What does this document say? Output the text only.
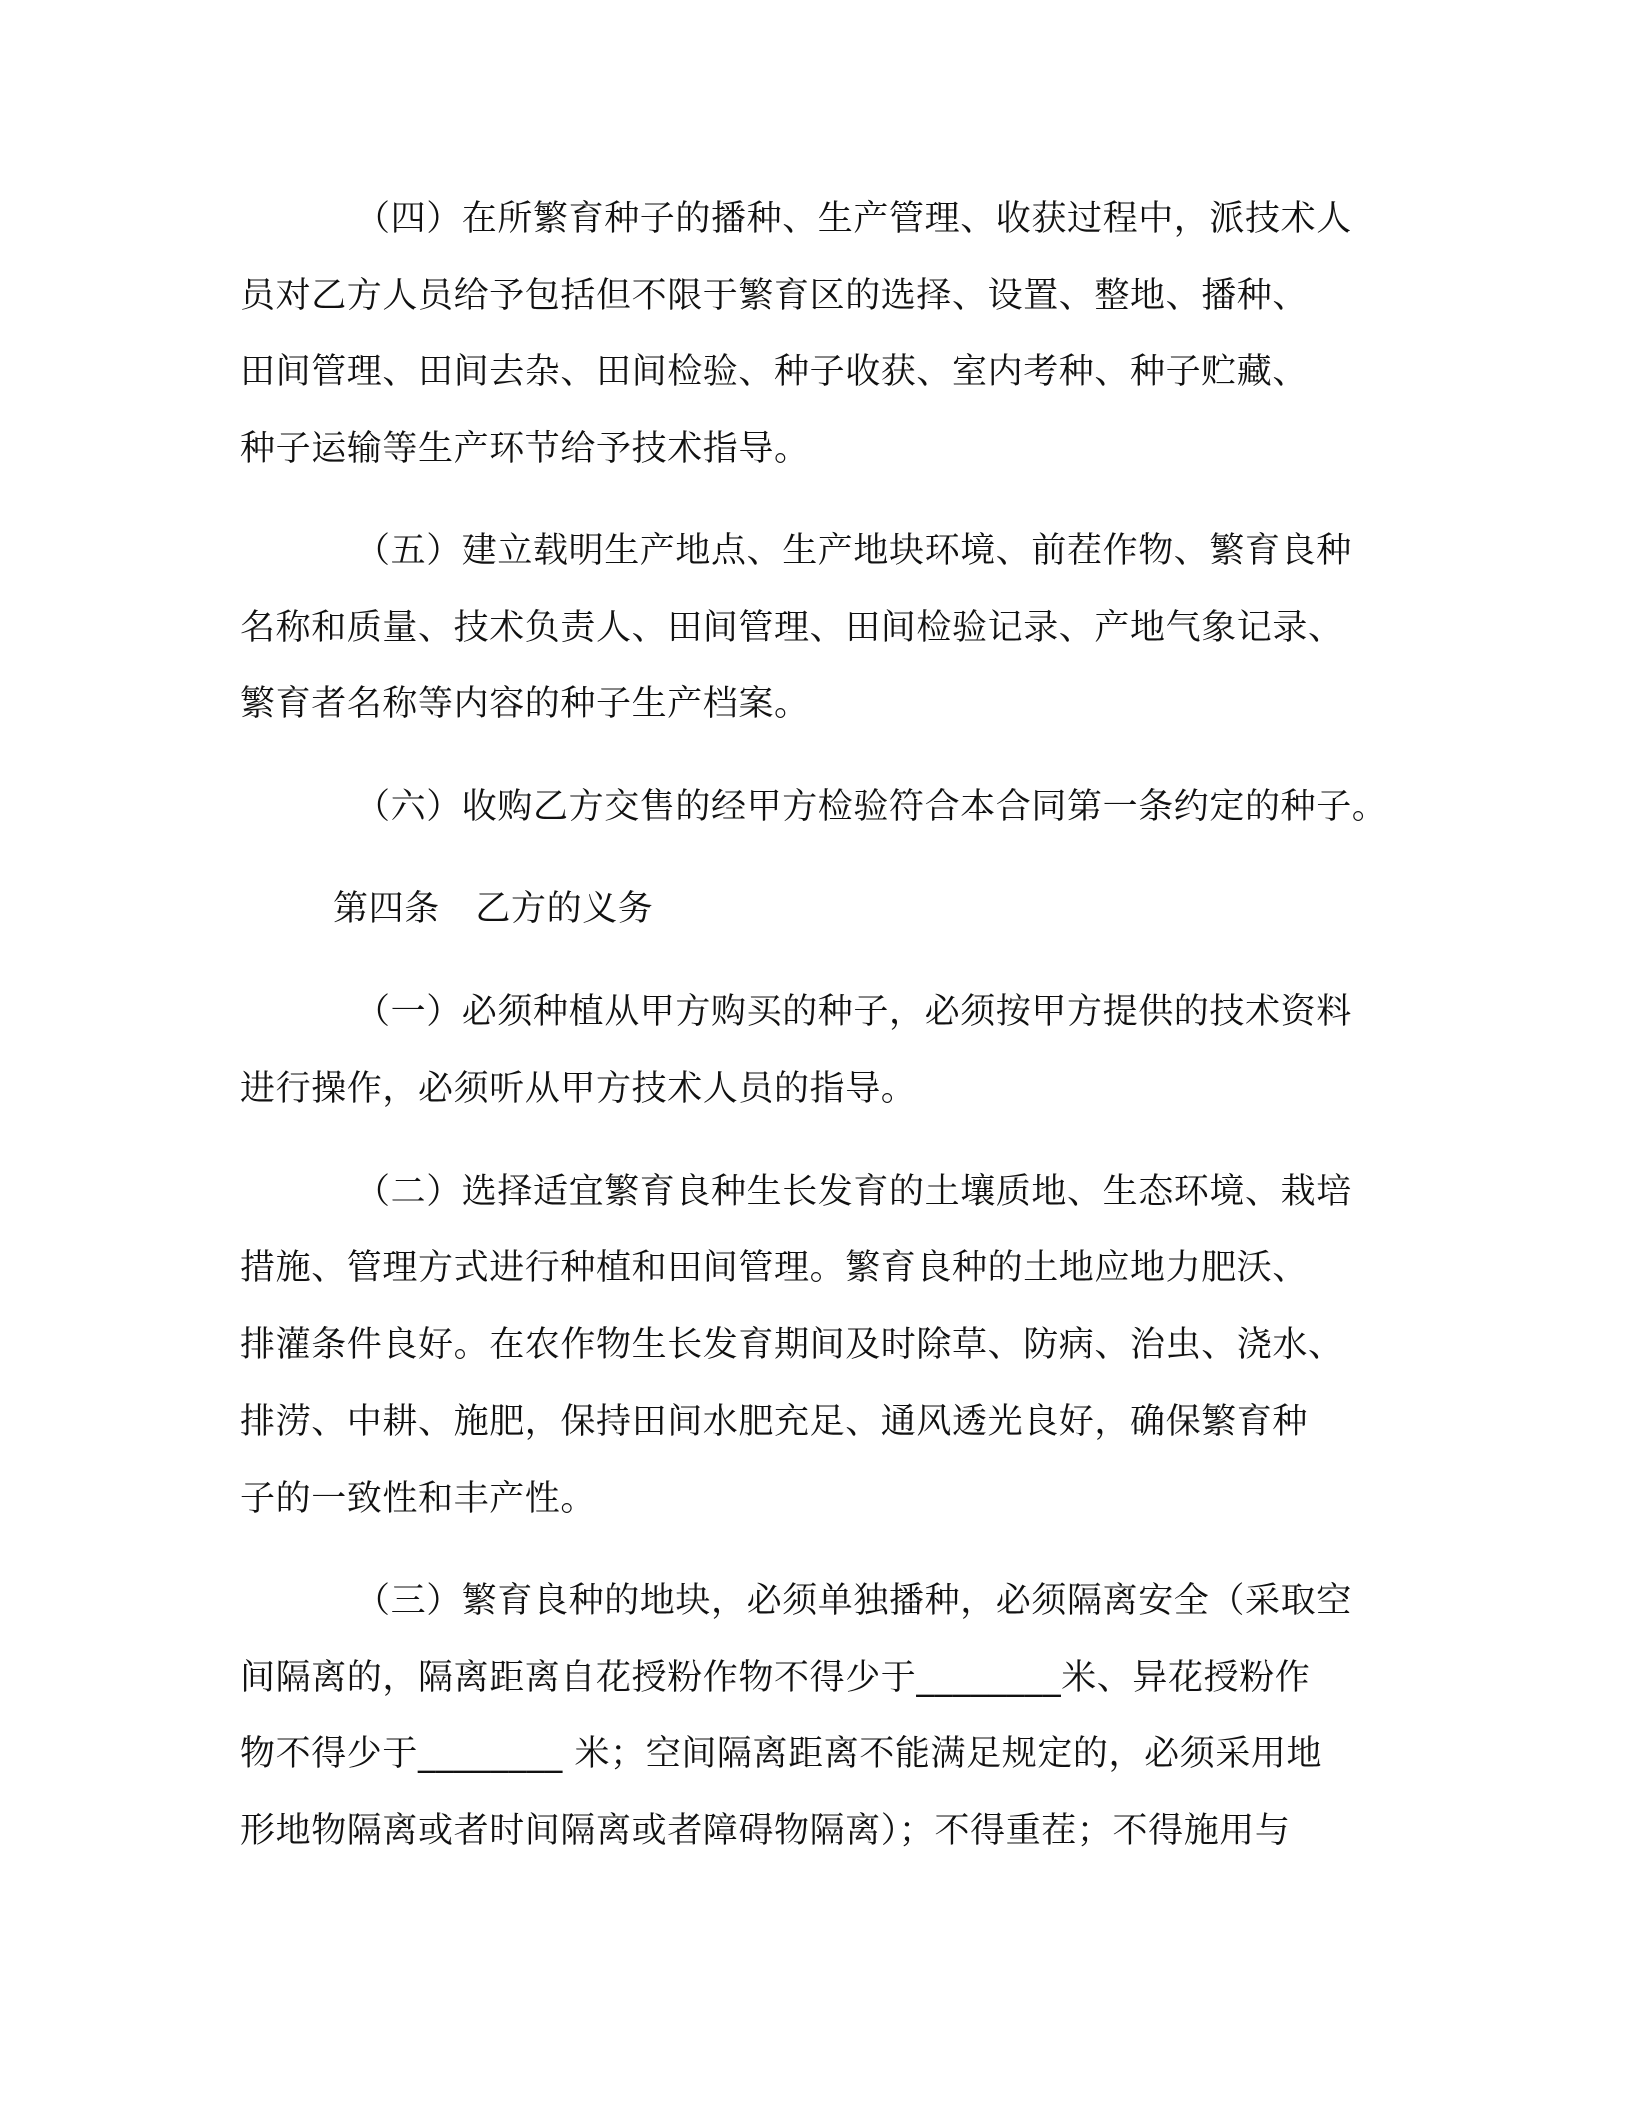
（四）在所繁育种子的播种、生产管理、收获过程中，派技术人
员对乙方人员给予包括但不限于繁育区的选择、设置、整地、播种、
田间管理、田间去杂、田间检验、种子收获、室内考种、种子贮藏、
种子运输等生产环节给予技术指导。
（五）建立载明生产地点、生产地块环境、前茬作物、繁育良种
名称和质量、技术负责人、田间管理、田间检验记录、产地气象记录、
繁育者名称等内容的种子生产档案。
（六）收购乙方交售的经甲方检验符合本合同第一条约定的种子。
第四条　乙方的义务
（一）必须种植从甲方购买的种子，必须按甲方提供的技术资料
进行操作，必须听从甲方技术人员的指导。
（二）选择适宜繁育良种生长发育的土壤质地、生态环境、栽培
措施、管理方式进行种植和田间管理。繁育良种的土地应地力肥沃、
排灌条件良好。在农作物生长发育期间及时除草、防病、治虫、浇水、
排涝、中耕、施肥，保持田间水肥充足、通风透光良好，确保繁育种
子的一致性和丰产性。
（三）繁育良种的地块，必须单独播种，必须隔离安全（采取空
间隔离的，隔离距离自花授粉作物不得少于________米、异花授粉作
物不得少于________ 米；空间隔离距离不能满足规定的，必须采用地
形地物隔离或者时间隔离或者障碍物隔离）；不得重茬；不得施用与
